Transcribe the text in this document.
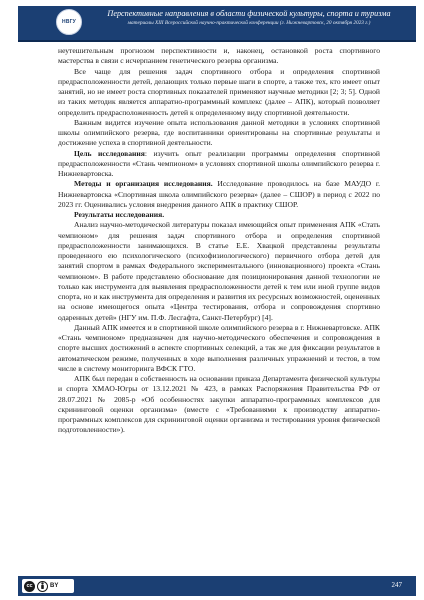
НВГУ
Перспективные направления в области физической культуры, спорта и туризма
материалы XIII Всероссийской научно-практической конференции (г. Нижневартовск, 20 октября 2023 г.)

неутешительным прогнозом перспективности и, наконец, остановкой роста спортивного мастерства в связи с исчерпанием генетического резерва организма.

Все чаще для решения задач спортивного отбора и определения спортивной предрасположенности детей, делающих только первые шаги в спорте, а также тех, кто имеет опыт занятий, но не имеет роста спортивных показателей применяют научные методики [2; 3; 5]. Одной из таких методик является аппаратно-программный комплекс (далее – АПК), который позволяет определить предрасположенность детей к определенному виду спортивной деятельности.

Важным видится изучение опыта использования данной методики в условиях спортивной школы олимпийского резерва, где воспитанники ориентированы на спортивные результаты и достижение успеха в спортивной деятельности.

Цель исследования: изучить опыт реализации программы определения спортивной предрасположенности «Стань чемпионом» в условиях спортивной школы олимпийского резерва г. Нижневартовска.

Методы и организация исследования. Исследование проводилось на базе МАУДО г. Нижневартовска «Спортивная школа олимпийского резерва» (далее – СШОР) в период с 2022 по 2023 гг. Оценивались условия внедрения данного АПК в практику СШОР.

Результаты исследования.

Анализ научно-методической литературы показал имеющийся опыт применения АПК «Стать чемпионом» для решения задач спортивного отбора и определения спортивной предрасположенности занимающихся. В статье Е.Е. Хвацкой представлены результаты проведенного ею психологического (психофизиологического) первичного отбора детей для занятий спортом в рамках Федерального экспериментального (инновационного) проекта «Стань чемпионом». В работе представлено обоснование для позиционирования данной технологии не только как инструмента для выявления предрасположенности детей к тем или иной группе видов спорта, но и как инструмента для определения и развития их ресурсных возможностей, оцененных на основе имеющегося опыта «Центра тестирования, отбора и сопровождения спортивно одаренных детей» (НГУ им. П.Ф. Лесгафта, Санкт-Петербург) [4].

Данный АПК имеется и в спортивной школе олимпийского резерва в г. Нижневартовске. АПК «Стань чемпионом» предназначен для научно-методического обеспечения и сопровождения в спорте высших достижений в аспекте спортивных селекций, а так же для фиксации результатов в автоматическом режиме, полученных в ходе выполнения различных упражнений и тестов, в том числе в систему мониторинга ВФСК ГТО.

АПК был передан в собственность на основании приказа Департамента физической культуры и спорта ХМАО-Югры от 13.12.2021 № 423, в рамках Распоряжения Правительства РФ от 28.07.2021 № 2085-р «Об особенностях закупки аппаратно-программных комплексов для скрининговой оценки организма» (вместе с «Требованиями к производству аппаратно-программных комплексов для скрининговой оценки организма и тестирования уровня физической подготовленности»).

cc	BY	247
